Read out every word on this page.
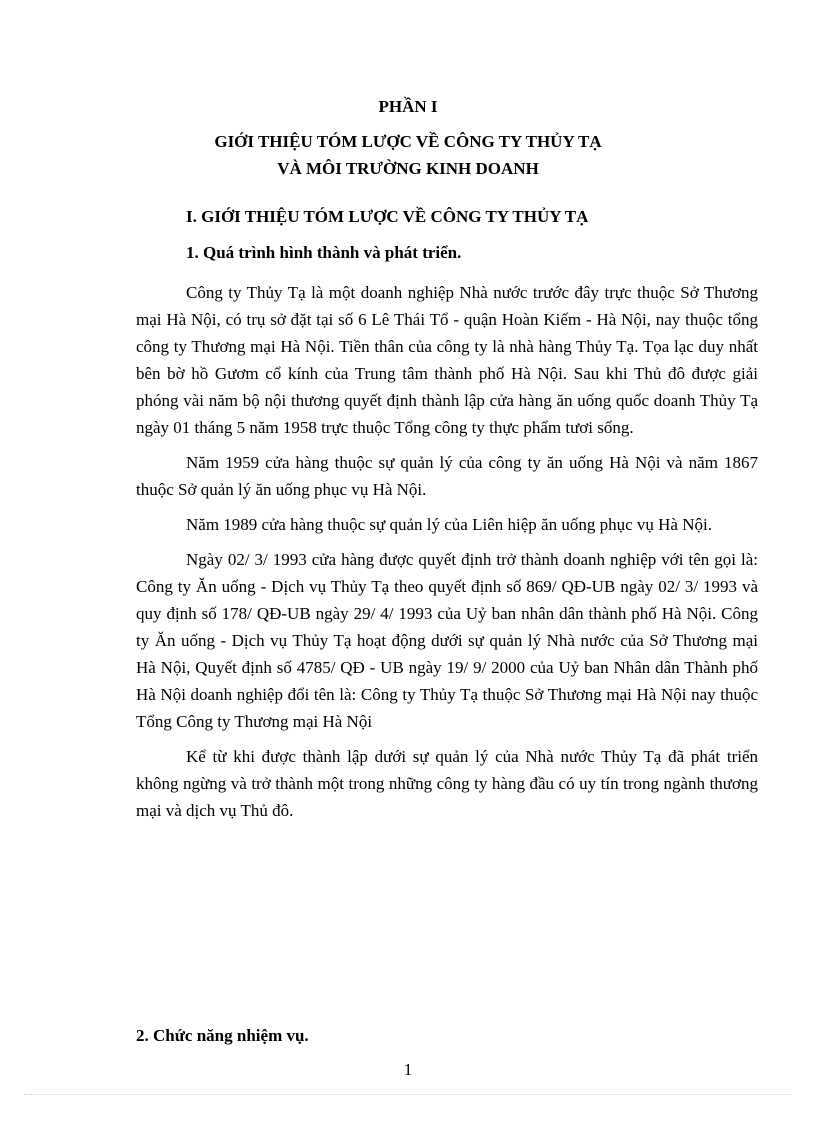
PHẦN I

GIỚI THIỆU TÓM LƯỢC VỀ CÔNG TY THỦY TẠ

VÀ MÔI TRƯỜNG KINH DOANH

I. GIỚI THIỆU TÓM LƯỢC VỀ CÔNG TY THỦY TẠ

1. Quá trình hình thành và phát triển.

Công ty Thủy Tạ là một doanh nghiệp Nhà nước trước đây trực thuộc Sở Thương mại Hà Nội, có trụ sở đặt tại số 6 Lê Thái Tổ - quận Hoàn Kiếm - Hà Nội, nay thuộc tổng công ty Thương mại Hà Nội. Tiền thân của công ty là nhà hàng Thủy Tạ. Tọa lạc duy nhất bên bờ hồ Gươm cổ kính của Trung tâm thành phố Hà Nội. Sau khi Thủ đô được giải phóng vài năm bộ nội thương quyết định thành lập cửa hàng ăn uống quốc doanh Thủy Tạ ngày 01 tháng 5 năm 1958 trực thuộc Tổng công ty thực phẩm tươi sống.

Năm 1959 cửa hàng thuộc sự quản lý của công ty ăn uống Hà Nội và năm 1867 thuộc Sở quản lý ăn uống phục vụ Hà Nội.

Năm 1989 cửa hàng thuộc sự quản lý của Liên hiệp ăn uống phục vụ Hà Nội.

Ngày 02/ 3/ 1993 cửa hàng được quyết định trở thành doanh nghiệp với tên gọi là: Công ty Ăn uống - Dịch vụ Thủy Tạ theo quyết định số 869/ QĐ-UB ngày 02/ 3/ 1993 và quy định số 178/ QĐ-UB ngày 29/ 4/ 1993 của Uỷ ban nhân dân thành phố Hà Nội. Công ty Ăn uống - Dịch vụ Thủy Tạ hoạt động dưới sự quản lý Nhà nước của Sở Thương mại Hà Nội, Quyết định số 4785/ QĐ - UB ngày 19/ 9/ 2000 của Uỷ ban Nhân dân Thành phố Hà Nội doanh nghiệp đổi tên là: Công ty Thủy Tạ thuộc Sở Thương mại Hà Nội nay thuộc Tổng Công ty Thương mại Hà Nội

Kể từ khi được thành lập dưới sự quản lý của Nhà nước Thủy Tạ đã phát triển không ngừng và trở thành một trong những công ty hàng đầu có uy tín trong ngành thương mại và dịch vụ Thủ đô.

2. Chức năng nhiệm vụ.

1
